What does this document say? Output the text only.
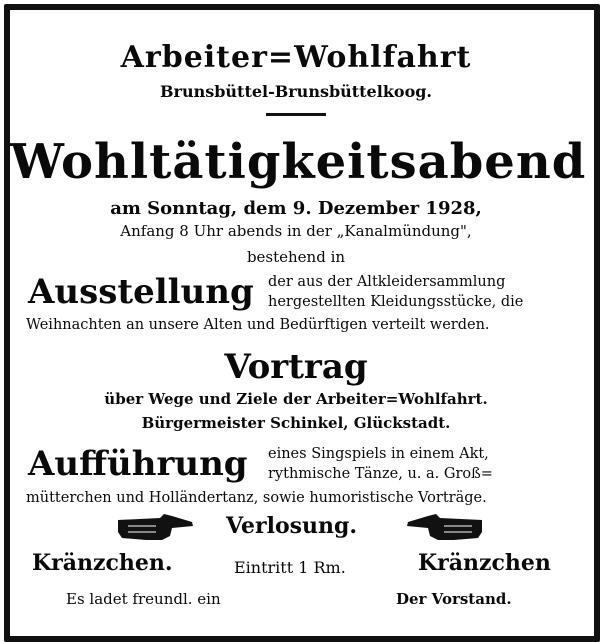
Arbeiter=Wohlfahrt
Brunsbüttel-Brunsbüttelkoog.
Wohltätigkeitsabend
am Sonntag, dem 9. Dezember 1928,
Anfang 8 Uhr abends in der „Kanalmündung",
bestehend in
Ausstellung der aus der Altkleidersammlung
hergestellten Kleidungsstücke, die
Weihnachten an unsere Alten und Bedürftigen verteilt werden.
Vortrag
über Wege und Ziele der Arbeiter=Wohlfahrt.
Bürgermeister Schinkel, Glückstadt.
Aufführung eines Singspiels in einem Akt,
rythmische Tänze, u. a. Groß=
mütterchen und Holländertanz, sowie humoristische Vorträge.
Verlosung.
Kränzchen.	Eintritt 1 Rm.	Kränzchen
Es ladet freundl. ein	Der Vorstand.
